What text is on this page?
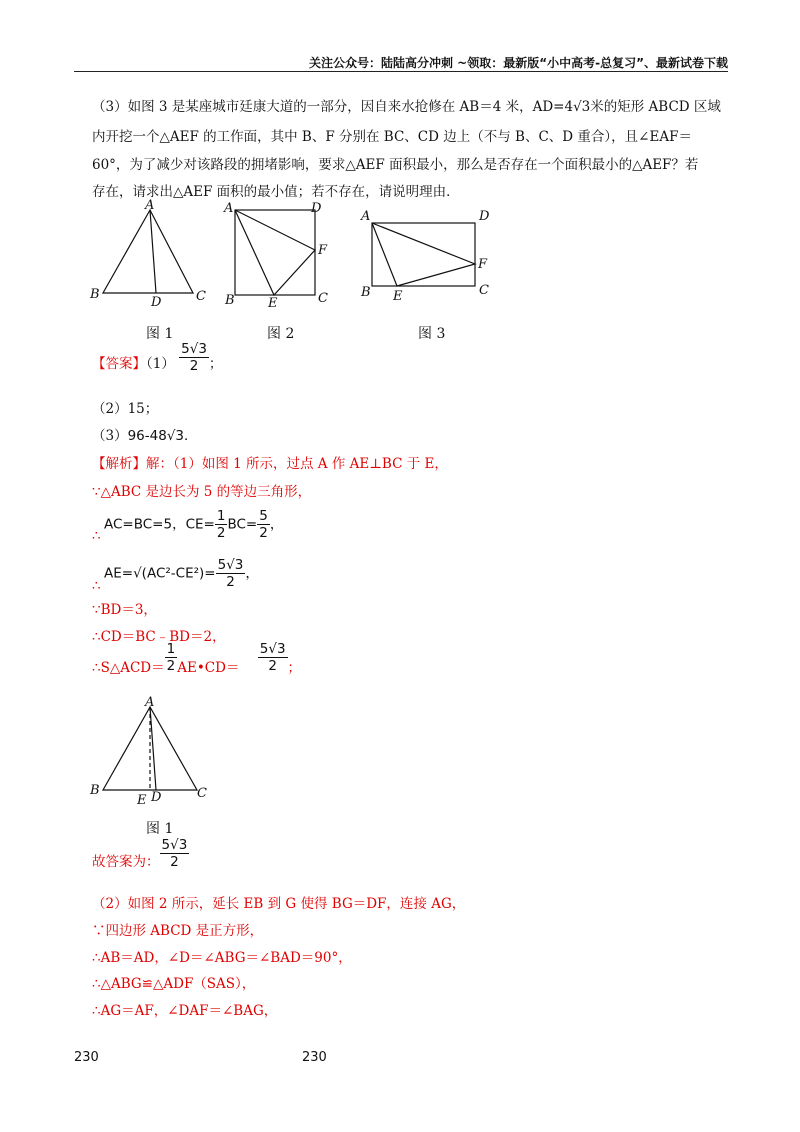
关注公众号：陆陆高分冲刺 ~领取：最新版“小中高考-总复习”、最新试卷下载
（3）如图 3 是某座城市廷康大道的一部分，因自来水抢修在 AB＝4 米，AD=4√3米的矩形 ABCD 区域
内开挖一个△AEF 的工作面，其中 B、F 分别在 BC、CD 边上（不与 B、C、D 重合），且∠EAF＝
60°，为了减少对该路段的拥堵影响，要求△AEF 面积最小，那么是否存在一个面积最小的△AEF？若
存在，请求出△AEF 面积的最小值；若不存在，请说明理由．
A
B
D	C
A	D
F
B	E	C
A	D
F
B E	C
图 1	图 2	图 3
【答案】$(1) \frac{5√3}{2}$ ；
（2）15；
（3）96-48√3．
【解析】解：（1）如图 1 所示，过点 A 作 AE⊥BC 于 E，
∵△ABC 是边长为 5 的等边三角形，
AC=BC=5，$CE= \frac{1}{2} BC= \frac{5}{2}$ ，
∴
$AE=√(AC^2-CE^2)= \frac{5√3}{2}$ ，
∴
∵BD＝3，
∴CD＝BC﹣BD＝2，
∴S△ACD＝ $\frac{1}{2}$ AE•CD＝ $\frac{5√3}{2}$ ；
A
B
E D	C
图 1
故答案为： $\frac{5√3}{2}$
（2）如图 2 所示，延长 EB 到 G 使得 BG＝DF，连接 AG，
∵四边形 ABCD 是正方形，
∴AB＝AD，∠D＝∠ABG＝∠BAD＝90°，
∴△ABG≌△ADF（SAS），
∴AG＝AF，∠DAF＝∠BAG，
230	230
